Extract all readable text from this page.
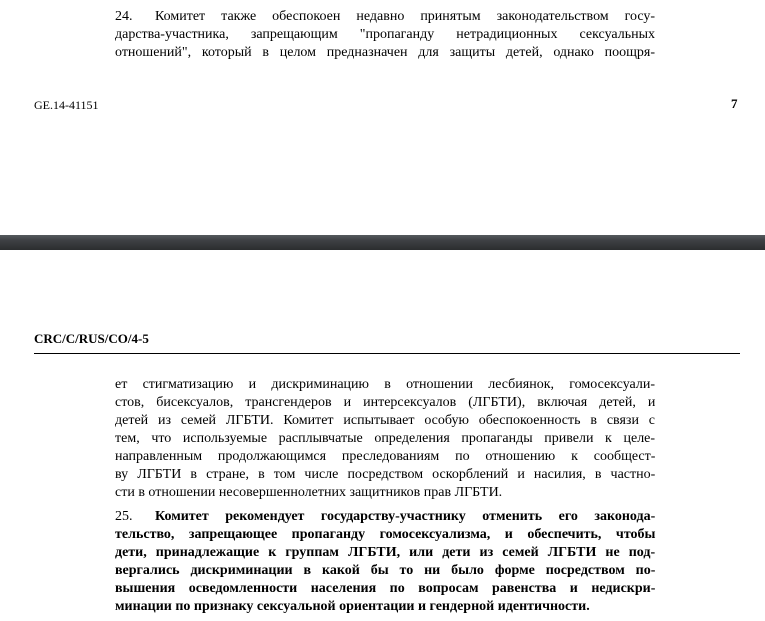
24. Комитет также обеспокоен недавно принятым законодательством госу-
дарства-участника, запрещающим "пропаганду нетрадиционных сексуальных
отношений", который в целом предназначен для защиты детей, однако поощря-
GE.14-41151	7
CRC/C/RUS/CO/4-5
ет стигматизацию и дискриминацию в отношении лесбиянок, гомосексуали-
стов, бисексуалов, трансгендеров и интерсексуалов (ЛГБТИ), включая детей, и
детей из семей ЛГБТИ. Комитет испытывает особую обеспокоенность в связи с
тем, что используемые расплывчатые определения пропаганды привели к целе-
направленным продолжающимся преследованиям по отношению к сообщест-
ву ЛГБТИ в стране, в том числе посредством оскорблений и насилия, в частно-
сти в отношении несовершеннолетних защитников прав ЛГБТИ.
25. Комитет рекомендует государству-участнику отменить его законода-
тельство, запрещающее пропаганду гомосексуализма, и обеспечить, чтобы
дети, принадлежащие к группам ЛГБТИ, или дети из семей ЛГБТИ не под-
вергались дискриминации в какой бы то ни было форме посредством по-
вышения осведомленности населения по вопросам равенства и недискри-
минации по признаку сексуальной ориентации и гендерной идентичности.
